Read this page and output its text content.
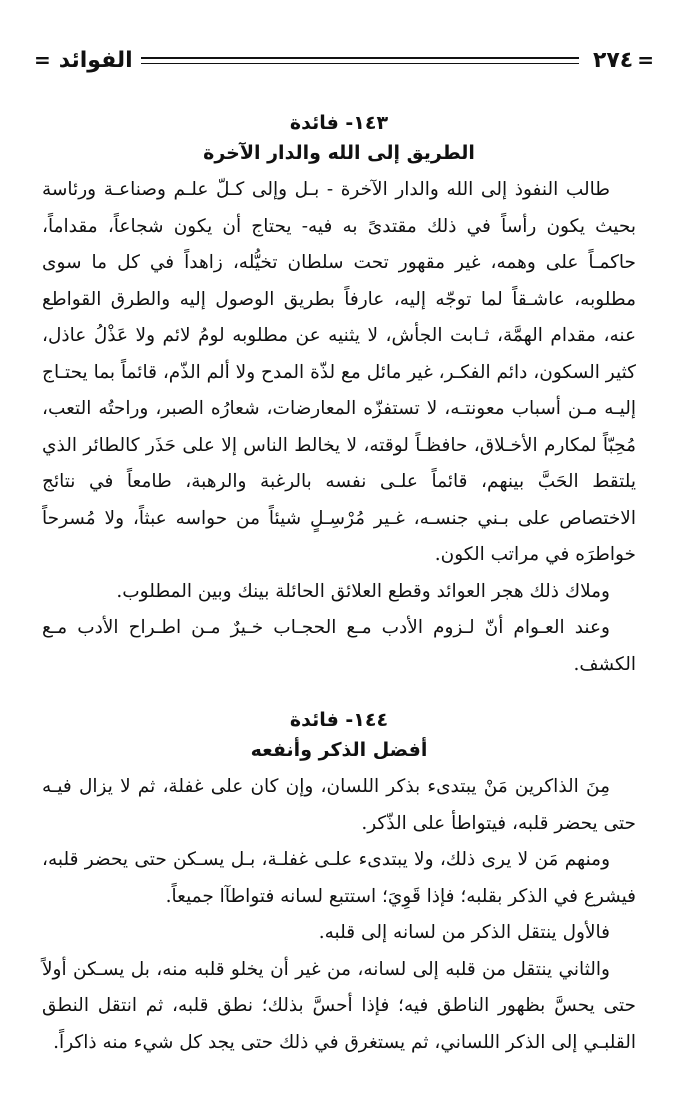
=
٢٧٤
الفوائد
=
١٤٣- فائدة
الطريق إلى الله والدار الآخرة

طالب النفوذ إلى الله والدار الآخرة - بـل وإلى كـلّ علـم وصناعـة ورئاسة بحيث يكون رأساً في ذلك مقتدىً به فيه- يحتاج أن يكون شجاعاً، مقداماً، حاكمـاً على وهمه، غير مقهور تحت سلطان تخيُّله، زاهداً في كل ما سوى مطلوبه، عاشـقاً لما توجّه إليه، عارفاً بطريق الوصول إليه والطرق القواطع عنه، مقدام الهمَّة، ثـابت الجأش، لا يثنيه عن مطلوبه لومُ لائم ولا عَذْلُ عاذل، كثير السكون، دائم الفكـر، غير مائل مع لذّة المدح ولا ألم الذّم، قائماً بما يحتـاج إليـه مـن أسباب معونتـه، لا تستفزّه المعارضات، شعارُه الصبر، وراحتُه التعب، مُحِبّاً لمكارم الأخـلاق، حافظـاً لوقته، لا يخالط الناس إلا على حَذَر كالطائر الذي يلتقط الحَبَّ بينهم، قائماً علـى نفسه بالرغبة والرهبة، طامعاً في نتائج الاختصاص على بـني جنسـه، غـير مُرْسِـلٍ شيئاً من حواسه عبثاً، ولا مُسرحاً خواطرَه في مراتب الكون.

وملاك ذلك هجر العوائد وقطع العلائق الحائلة بينك وبين المطلوب.

وعند العـوام أنّ لـزوم الأدب مـع الحجـاب خـيرٌ مـن اطـراح الأدب مـع الكشف.

١٤٤- فائدة
أفضل الذكر وأنفعه

مِنَ الذاكرين مَنْ يبتدىء بذكر اللسان، وإن كان على غفلة، ثم لا يزال فيـه حتى يحضر قلبه، فيتواطأ على الذّكر.

ومنهم مَن لا يرى ذلك، ولا يبتدىء علـى غفلـة، بـل يسـكن حتى يحضر قلبه، فيشرع في الذكر بقلبه؛ فإذا قَوِيَ؛ استتبع لسانه فتواطآا جميعاً.

فالأول ينتقل الذكر من لسانه إلى قلبه.

والثاني ينتقل من قلبه إلى لسانه، من غير أن يخلو قلبه منه، بل يسـكن أولاً حتى يحسَّ بظهور الناطق فيه؛ فإذا أحسَّ بذلك؛ نطق قلبه، ثم انتقل النطق القلبـي إلى الذكر اللساني، ثم يستغرق في ذلك حتى يجد كل شيء منه ذاكراً.
